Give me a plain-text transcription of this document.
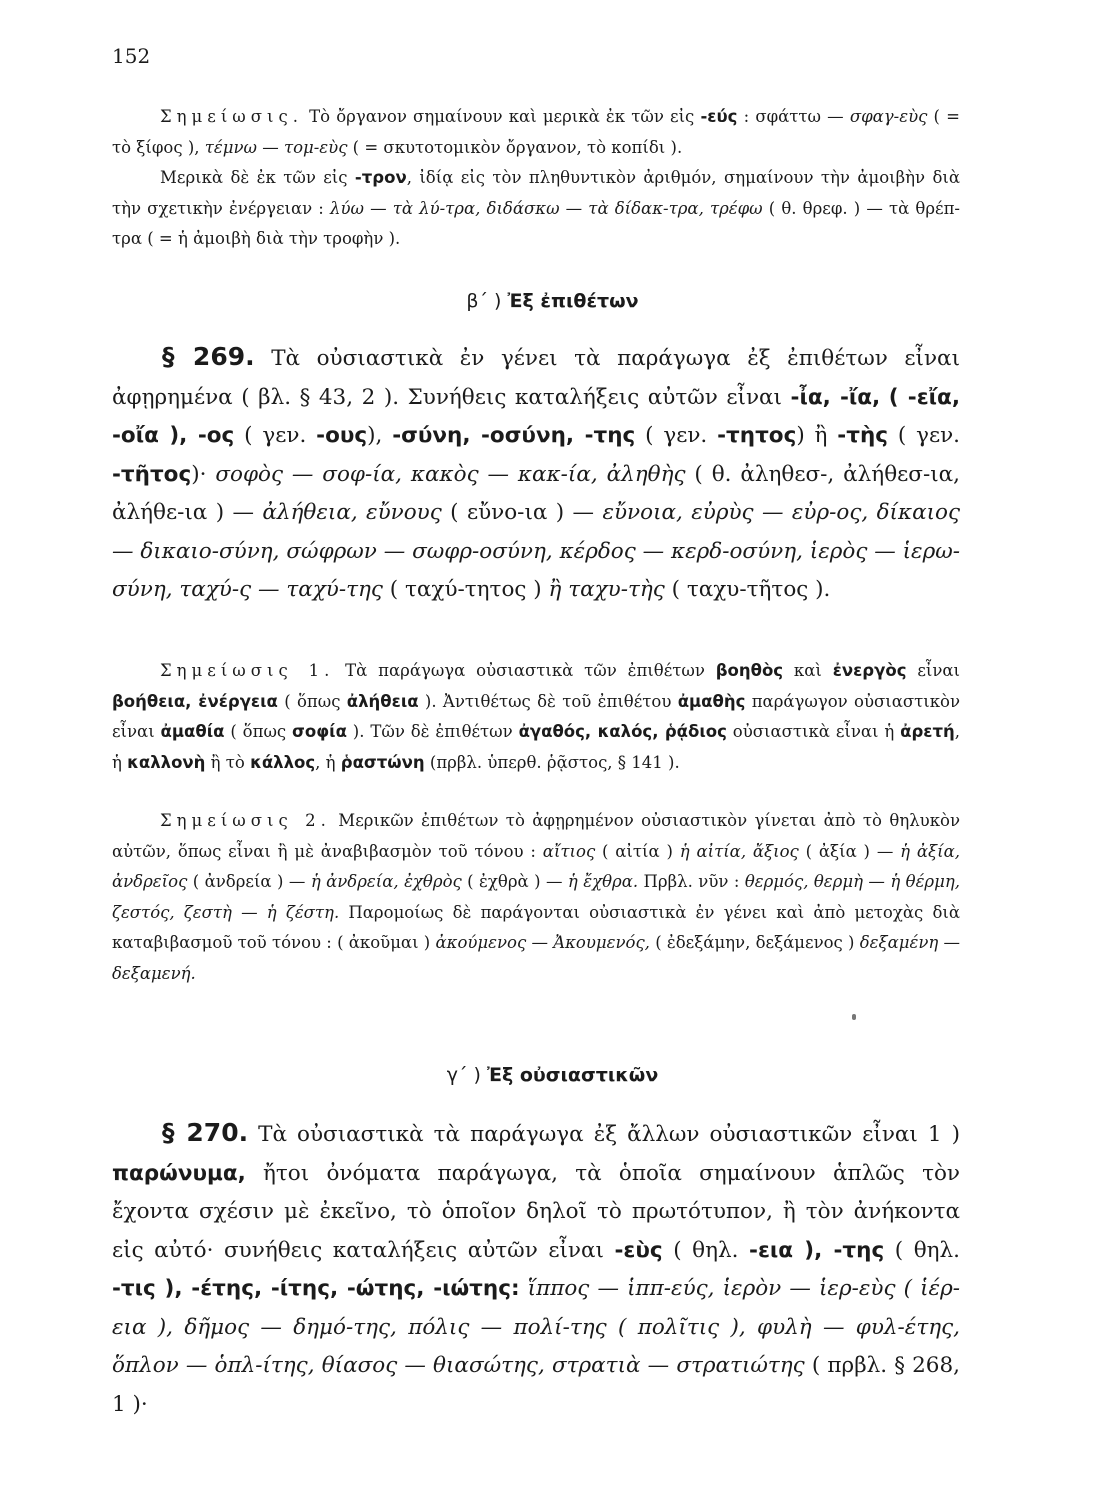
152
Σημείωσις. Τὸ ὄργανον σημαίνουν καὶ μερικὰ ἐκ τῶν εἰς -εύς : σφάττω — σφαγ-εὺς ( = τὸ ξίφος ), τέμνω — τομ-εὺς ( = σκυτοτομικὸν ὄργανον, τὸ κοπίδι ).
Μερικὰ δὲ ἐκ τῶν εἰς -τρον, ἰδίᾳ εἰς τὸν πληθυντικὸν ἀριθμόν, σημαίνουν τὴν ἀμοιβὴν διὰ τὴν σχετικὴν ἐνέργειαν : λύω — τὰ λύ-τρα, διδάσκω — τὰ δίδακ-τρα, τρέφω ( θ. θρεφ. ) — τὰ θρέπ-τρα ( = ἡ ἀμοιβὴ διὰ τὴν τροφὴν ).
β΄ ) Ἐξ ἐπιθέτων
§ 269. Τὰ οὐσιαστικὰ ἐν γένει τὰ παράγωγα ἐξ ἐπιθέτων εἶναι ἀφῃρημένα ( βλ. § 43, 2 ). Συνήθεις καταλήξεις αὐτῶν εἶναι -ἶα, -ἴα, ( -εἴα, -οἴα ), -ος ( γεν. -ους), -σύνη, -οσύνη, -της ( γεν. -τητος) ἢ -τὴς ( γεν. -τῆτος)· σοφὸς — σοφ-ία, κακὸς — κακ-ία, ἀληθὴς ( θ. ἀληθεσ-, ἀλήθεσ-ια, ἀλήθε-ια ) — ἀλήθεια, εὔνους ( εὔνο-ια ) — εὔνοια, εὐρὺς — εὐρ-ος, δίκαιος — δικαιο-σύνη, σώφρων — σωφρ-οσύνη, κέρδος — κερδ-οσύνη, ἱερὸς — ἱερω-σύνη, ταχύ-ς — ταχύ-της ( ταχύ-τητος ) ἢ ταχυ-τὴς ( ταχυ-τῆτος ).
Σημείωσις 1. Τὰ παράγωγα οὐσιαστικὰ τῶν ἐπιθέτων βοηθὸς καὶ ἐνεργὸς εἶναι βοήθεια, ἐνέργεια ( ὅπως ἀλήθεια ). Ἀντιθέτως δὲ τοῦ ἐπιθέτου ἀμαθὴς παράγωγον οὐσιαστικὸν εἶναι ἀμαθία ( ὅπως σοφία ). Τῶν δὲ ἐπιθέτων ἀγαθός, καλός, ῥᾴδιος οὐσιαστικὰ εἶναι ἡ ἀρετή, ἡ καλλονὴ ἢ τὸ κάλλος, ἡ ῥαστώνη (πρβλ. ὑπερθ. ῥᾷστος, § 141 ).
Σημείωσις 2. Μερικῶν ἐπιθέτων τὸ ἀφῃρημένον οὐσιαστικὸν γίνεται ἀπὸ τὸ θηλυκὸν αὐτῶν, ὅπως εἶναι ἢ μὲ ἀναβιβασμὸν τοῦ τόνου : αἴτιος ( αἰτία ) ἡ αἰτία, ἄξιος ( ἀξία ) — ἡ ἀξία, ἀνδρεῖος ( ἀνδρεία ) — ἡ ἀνδρεία, ἐχθρὸς ( ἐχθρὰ ) — ἡ ἔχθρα. Πρβλ. νῦν : θερμός, θερμὴ — ἡ θέρμη, ζεστός, ζεστὴ — ἡ ζέστη. Παρομοίως δὲ παράγονται οὐσιαστικὰ ἐν γένει καὶ ἀπὸ μετοχὰς διὰ καταβιβασμοῦ τοῦ τόνου : ( ἀκοῦμαι ) ἀκούμενος — Ἀκουμενός, ( ἐδεξάμην, δεξάμενος ) δεξαμένη — δεξαμενή.
γ΄ ) Ἐξ οὐσιαστικῶν
§ 270. Τὰ οὐσιαστικὰ τὰ παράγωγα ἐξ ἄλλων οὐσιαστικῶν εἶναι 1 ) παρώνυμα, ἤτοι ὀνόματα παράγωγα, τὰ ὁποῖα σημαίνουν ἁπλῶς τὸν ἔχοντα σχέσιν μὲ ἐκεῖνο, τὸ ὁποῖον δηλοῖ τὸ πρωτότυπον, ἢ τὸν ἀνήκοντα εἰς αὐτό· συνήθεις καταλήξεις αὐτῶν εἶναι -εὺς ( θηλ. -εια ), -της ( θηλ. -τις ), -έτης, -ίτης, -ώτης, -ιώτης: ἵππος — ἱππ-εύς, ἱερὸν — ἱερ-εὺς ( ἱέρ-εια ), δῆμος — δημό-της, πόλις — πολί-της ( πολῖτις ), φυλὴ — φυλ-έτης, ὅπλον — ὁπλ-ίτης, θίασος — θιασώτης, στρατιὰ — στρατιώτης ( πρβλ. § 268, 1 )·
